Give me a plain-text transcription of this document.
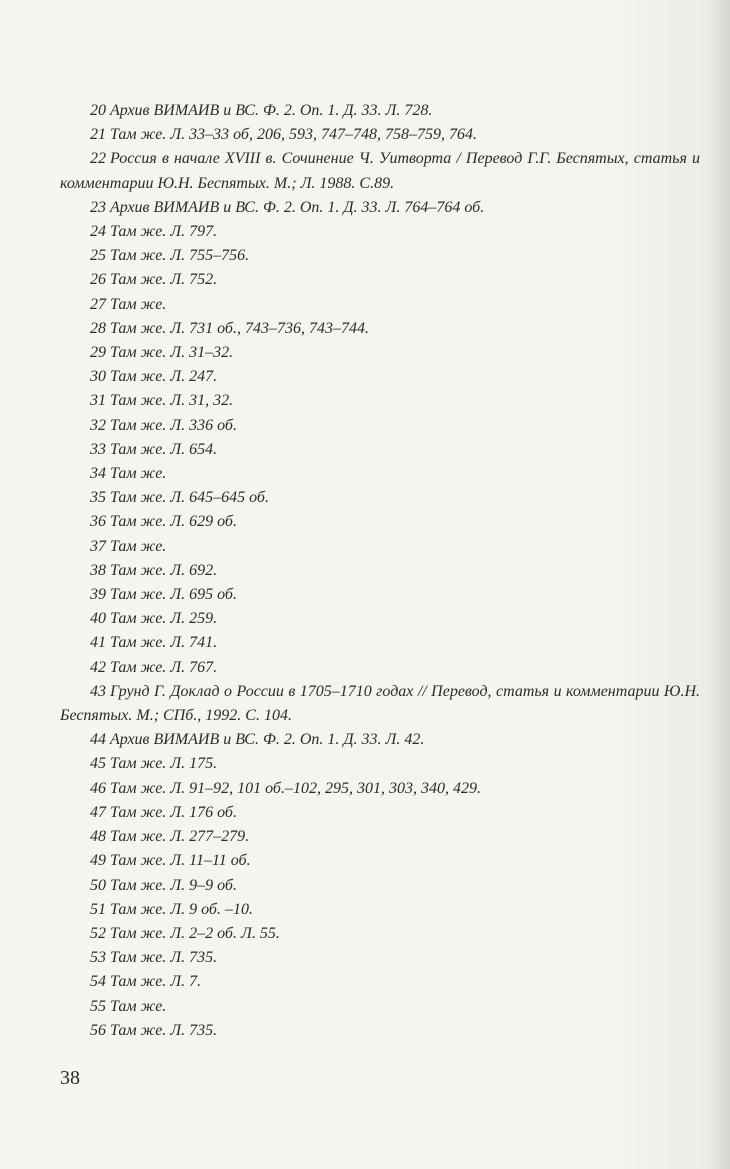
20 Архив ВИМАИВ и ВС. Ф. 2. Оп. 1. Д. 33. Л. 728.

21 Там же. Л. 33–33 об, 206, 593, 747–748, 758–759, 764.

22 Россия в начале XVIII в. Сочинение Ч. Уитворта / Перевод Г.Г. Беспятых, статья и комментарии Ю.Н. Беспятых. М.; Л. 1988. С.89.

23 Архив ВИМАИВ и ВС. Ф. 2. Оп. 1. Д. 33. Л. 764–764 об.

24 Там же. Л. 797.

25 Там же. Л. 755–756.

26 Там же. Л. 752.

27 Там же.

28 Там же. Л. 731 об., 743–736, 743–744.

29 Там же. Л. 31–32.

30 Там же. Л. 247.

31 Там же. Л. 31, 32.

32 Там же. Л. 336 об.

33 Там же. Л. 654.

34 Там же.

35 Там же. Л. 645–645 об.

36 Там же. Л. 629 об.

37 Там же.

38 Там же. Л. 692.

39 Там же. Л. 695 об.

40 Там же. Л. 259.

41 Там же. Л. 741.

42 Там же. Л. 767.

43 Грунд Г. Доклад о России в 1705–1710 годах // Перевод, статья и комментарии Ю.Н. Беспятых. М.; СПб., 1992. С. 104.

44 Архив ВИМАИВ и ВС. Ф. 2. Оп. 1. Д. 33. Л. 42.

45 Там же. Л. 175.

46 Там же. Л. 91–92, 101 об.–102, 295, 301, 303, 340, 429.

47 Там же. Л. 176 об.

48 Там же. Л. 277–279.

49 Там же. Л. 11–11 об.

50 Там же. Л. 9–9 об.

51 Там же. Л. 9 об. –10.

52 Там же. Л. 2–2 об. Л. 55.

53 Там же. Л. 735.

54 Там же. Л. 7.

55 Там же.

56 Там же. Л. 735.

38
